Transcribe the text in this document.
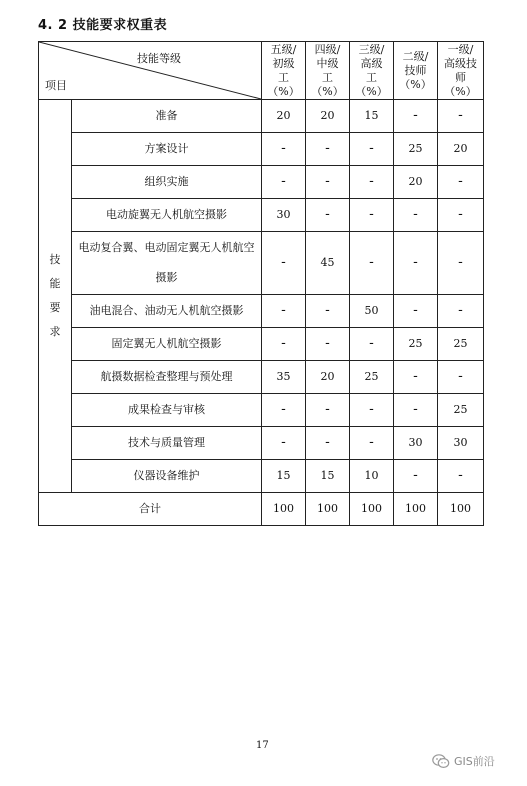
4. 2 技能要求权重表
技能等级
项目		五级/
初级
工
（%）	四级/
中级
工
（%）	三级/
高级
工
（%）	二级/
技师
（%）	一级/
高级技
师
（%）

技
能
要
求	准备	20	20	15	-	-
	方案设计	-	-	-	25	20
	组织实施	-	-	-	20	-
	电动旋翼无人机航空摄影	30	-	-	-	-
	电动复合翼、电动固定翼无人机航空摄影	-	45	-	-	-
	油电混合、油动无人机航空摄影	-	-	50	-	-
	固定翼无人机航空摄影	-	-	-	25	25
	航摄数据检查整理与预处理	35	20	25	-	-
	成果检查与审核	-	-	-	-	25
	技术与质量管理	-	-	-	30	30
	仪器设备维护	15	15	10	-	-
合计		100	100	100	100	100
17
GIS前沿
